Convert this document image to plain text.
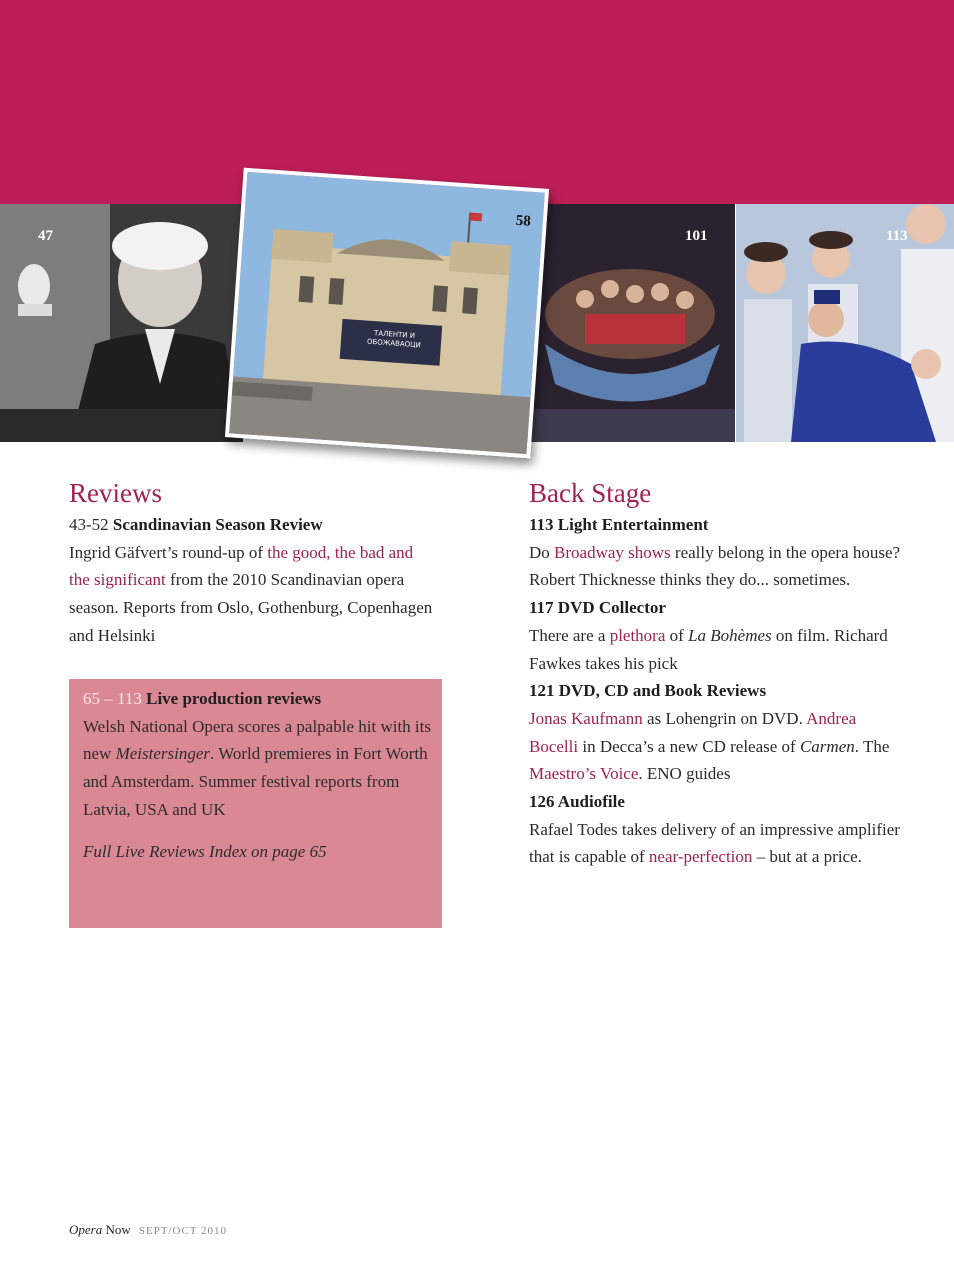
47	101	113
ТАЛЕНТИ И ОБОЖАВАОЦИ
58
Reviews

43-52 Scandinavian Season Review

Ingrid Gäfvert’s round-up of the good, the bad and the significant from the 2010 Scandinavian opera season. Reports from Oslo, Gothenburg, Copenhagen and Helsinki

65 – 113 Live production reviews

Welsh National Opera scores a palpable hit with its new Meistersinger. World premieres in Fort Worth and Amsterdam. Summer festival reports from Latvia, USA and UK

Full Live Reviews Index on page 65

Back Stage

113 Light Entertainment

Do Broadway shows really belong in the opera house? Robert Thicknesse thinks they do... sometimes.

117 DVD Collector

There are a plethora of La Bohèmes on film. Richard Fawkes takes his pick

121 DVD, CD and Book Reviews

Jonas Kaufmann as Lohengrin on DVD. Andrea Bocelli in Decca’s a new CD release of Carmen. The Maestro’s Voice. ENO guides

126 Audiofile

Rafael Todes takes delivery of an impressive amplifier that is capable of near-perfection – but at a price.

Opera Now SEPT/OCT 2010
